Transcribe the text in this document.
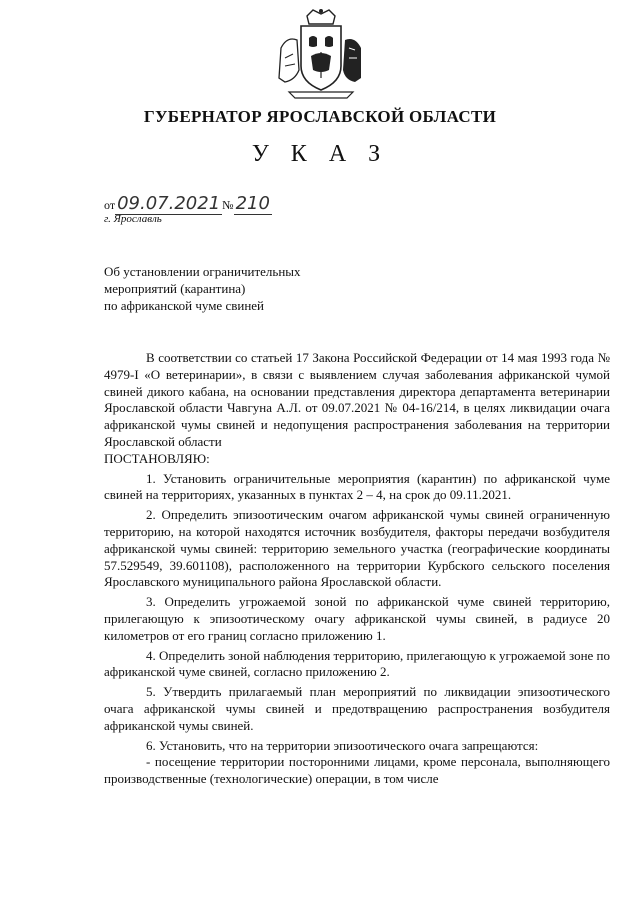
ГУБЕРНАТОР ЯРОСЛАВСКОЙ ОБЛАСТИ
У К А З
от 09.07.2021 № 210
г. Ярославль
Об установлении ограничительных
мероприятий (карантина)
по африканской чуме свиней

В соответствии со статьей 17 Закона Российской Федерации от 14 мая 1993 года № 4979-I «О ветеринарии», в связи с выявлением случая заболевания африканской чумой свиней дикого кабана, на основании представления директора департамента ветеринарии Ярославской области Чавгуна А.Л. от 09.07.2021 № 04-16/214, в целях ликвидации очага африканской чумы свиней и недопущения распространения заболевания на территории Ярославской области

ПОСТАНОВЛЯЮ:

1. Установить ограничительные мероприятия (карантин) по африканской чуме свиней на территориях, указанных в пунктах 2 – 4, на срок до 09.11.2021.

2. Определить эпизоотическим очагом африканской чумы свиней ограниченную территорию, на которой находятся источник возбудителя, факторы передачи возбудителя африканской чумы свиней: территорию земельного участка (географические координаты 57.529549, 39.601108), расположенного на территории Курбского сельского поселения Ярославского муниципального района Ярославской области.

3. Определить угрожаемой зоной по африканской чуме свиней территорию, прилегающую к эпизоотическому очагу африканской чумы свиней, в радиусе 20 километров от его границ согласно приложению 1.

4. Определить зоной наблюдения территорию, прилегающую к угрожаемой зоне по африканской чуме свиней, согласно приложению 2.

5. Утвердить прилагаемый план мероприятий по ликвидации эпизоотического очага африканской чумы свиней и предотвращению распространения возбудителя африканской чумы свиней.

6. Установить, что на территории эпизоотического очага запрещаются:

- посещение территории посторонними лицами, кроме персонала, выполняющего производственные (технологические) операции, в том числе
